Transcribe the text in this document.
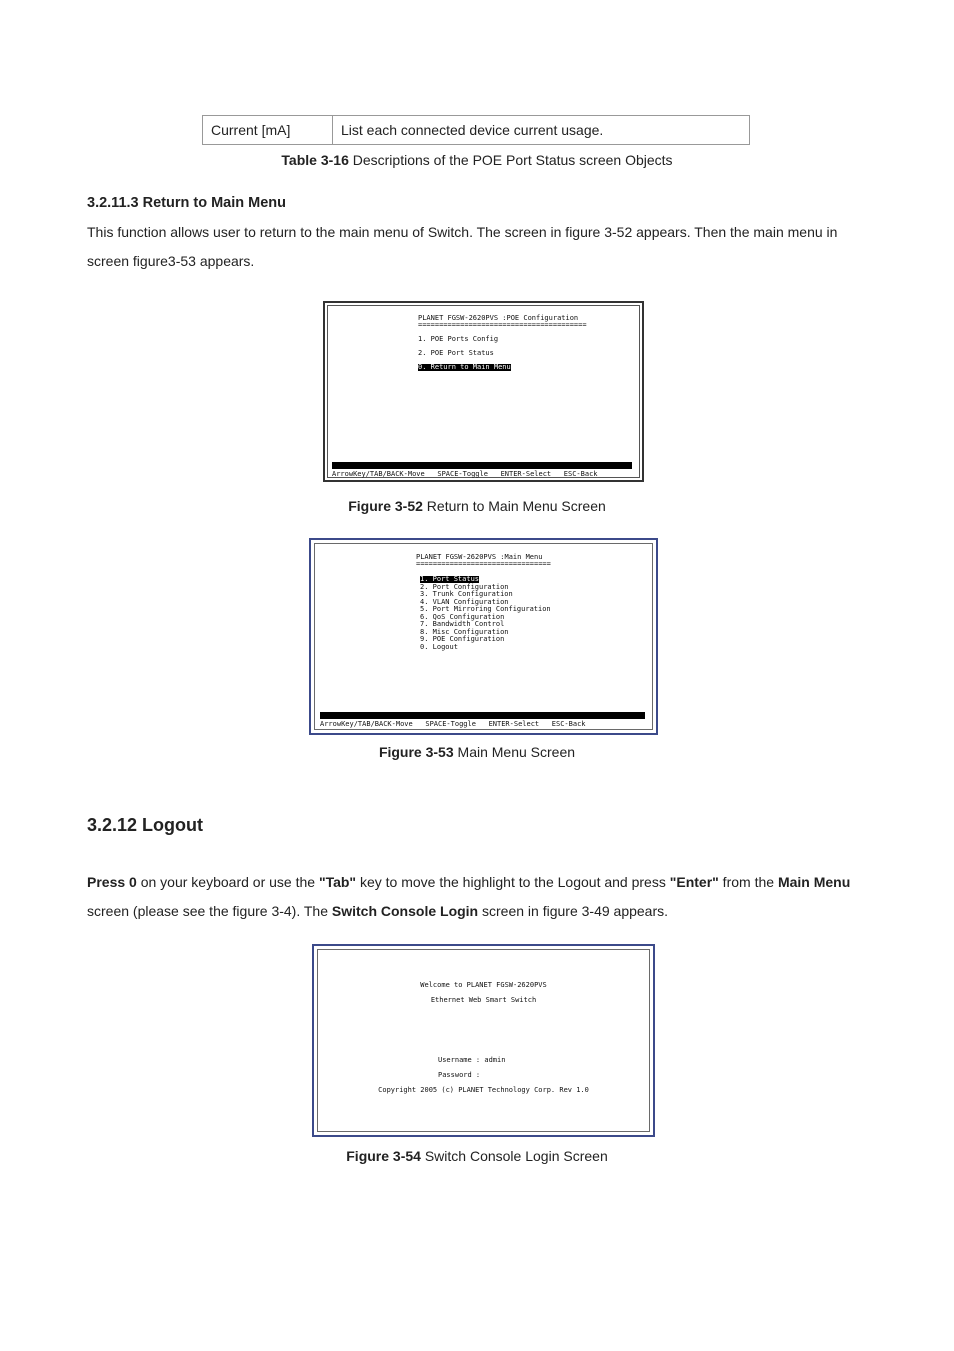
Current [mA]	List each connected device current usage.
Table 3-16 Descriptions of the POE Port Status screen Objects
3.2.11.3 Return to Main Menu
This function allows user to return to the main menu of Switch. The screen in figure 3-52 appears. Then the main menu in
screen figure3-53 appears.
PLANET FGSW-2620PVS :POE Configuration
========================================
1. POE Ports Config
2. POE Port Status
0. Return to Main Menu
ArrowKey/TAB/BACK-Move   SPACE-Toggle   ENTER-Select   ESC-Back
Figure 3-52 Return to Main Menu Screen
PLANET FGSW-2620PVS :Main Menu
================================
1. Port Status
2. Port Configuration
3. Trunk Configuration
4. VLAN Configuration
5. Port Mirroring Configuration
6. QoS Configuration
7. Bandwidth Control
8. Misc Configuration
9. POE Configuration
0. Logout
ArrowKey/TAB/BACK-Move   SPACE-Toggle   ENTER-Select   ESC-Back
Figure 3-53 Main Menu Screen
3.2.12 Logout
Press 0 on your keyboard or use the "Tab" key to move the highlight to the Logout and press "Enter" from the Main Menu
screen (please see the figure 3-4). The Switch Console Login screen in figure 3-49 appears.
Welcome to PLANET FGSW-2620PVS
Ethernet Web Smart Switch
Username : admin
Password :
Copyright 2005 (c) PLANET Technology Corp. Rev 1.0
Figure 3-54 Switch Console Login Screen
